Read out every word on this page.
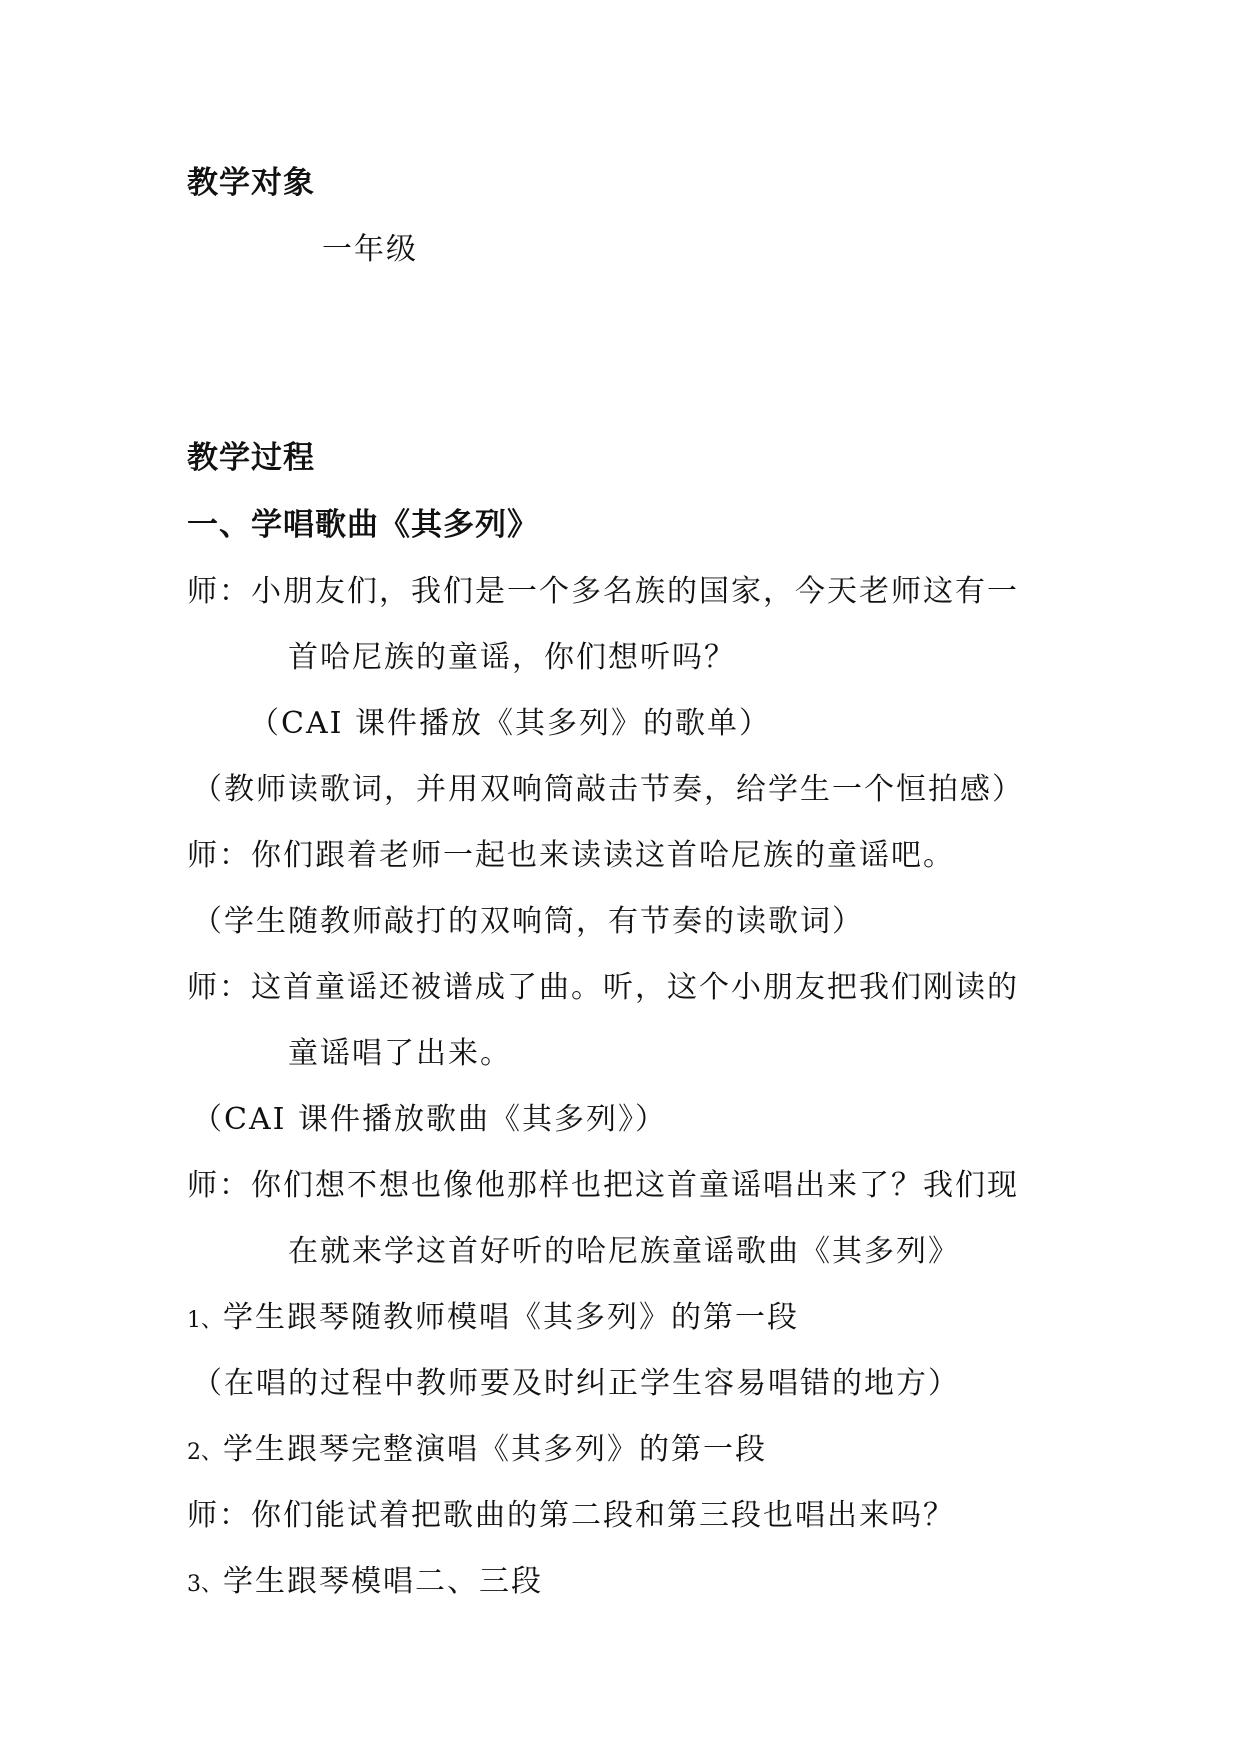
教学对象
一年级
教学过程
一、学唱歌曲《其多列》
师：小朋友们，我们是一个多名族的国家，今天老师这有一
首哈尼族的童谣，你们想听吗？
（CAI 课件播放《其多列》的歌单）
（教师读歌词，并用双响筒敲击节奏，给学生一个恒拍感）
师：你们跟着老师一起也来读读这首哈尼族的童谣吧。
（学生随教师敲打的双响筒，有节奏的读歌词）
师：这首童谣还被谱成了曲。听，这个小朋友把我们刚读的
童谣唱了出来。
（CAI 课件播放歌曲《其多列》）
师：你们想不想也像他那样也把这首童谣唱出来了？我们现
在就来学这首好听的哈尼族童谣歌曲《其多列》
1、学生跟琴随教师模唱《其多列》的第一段
（在唱的过程中教师要及时纠正学生容易唱错的地方）
2、学生跟琴完整演唱《其多列》的第一段
师：你们能试着把歌曲的第二段和第三段也唱出来吗？
3、学生跟琴模唱二、三段
